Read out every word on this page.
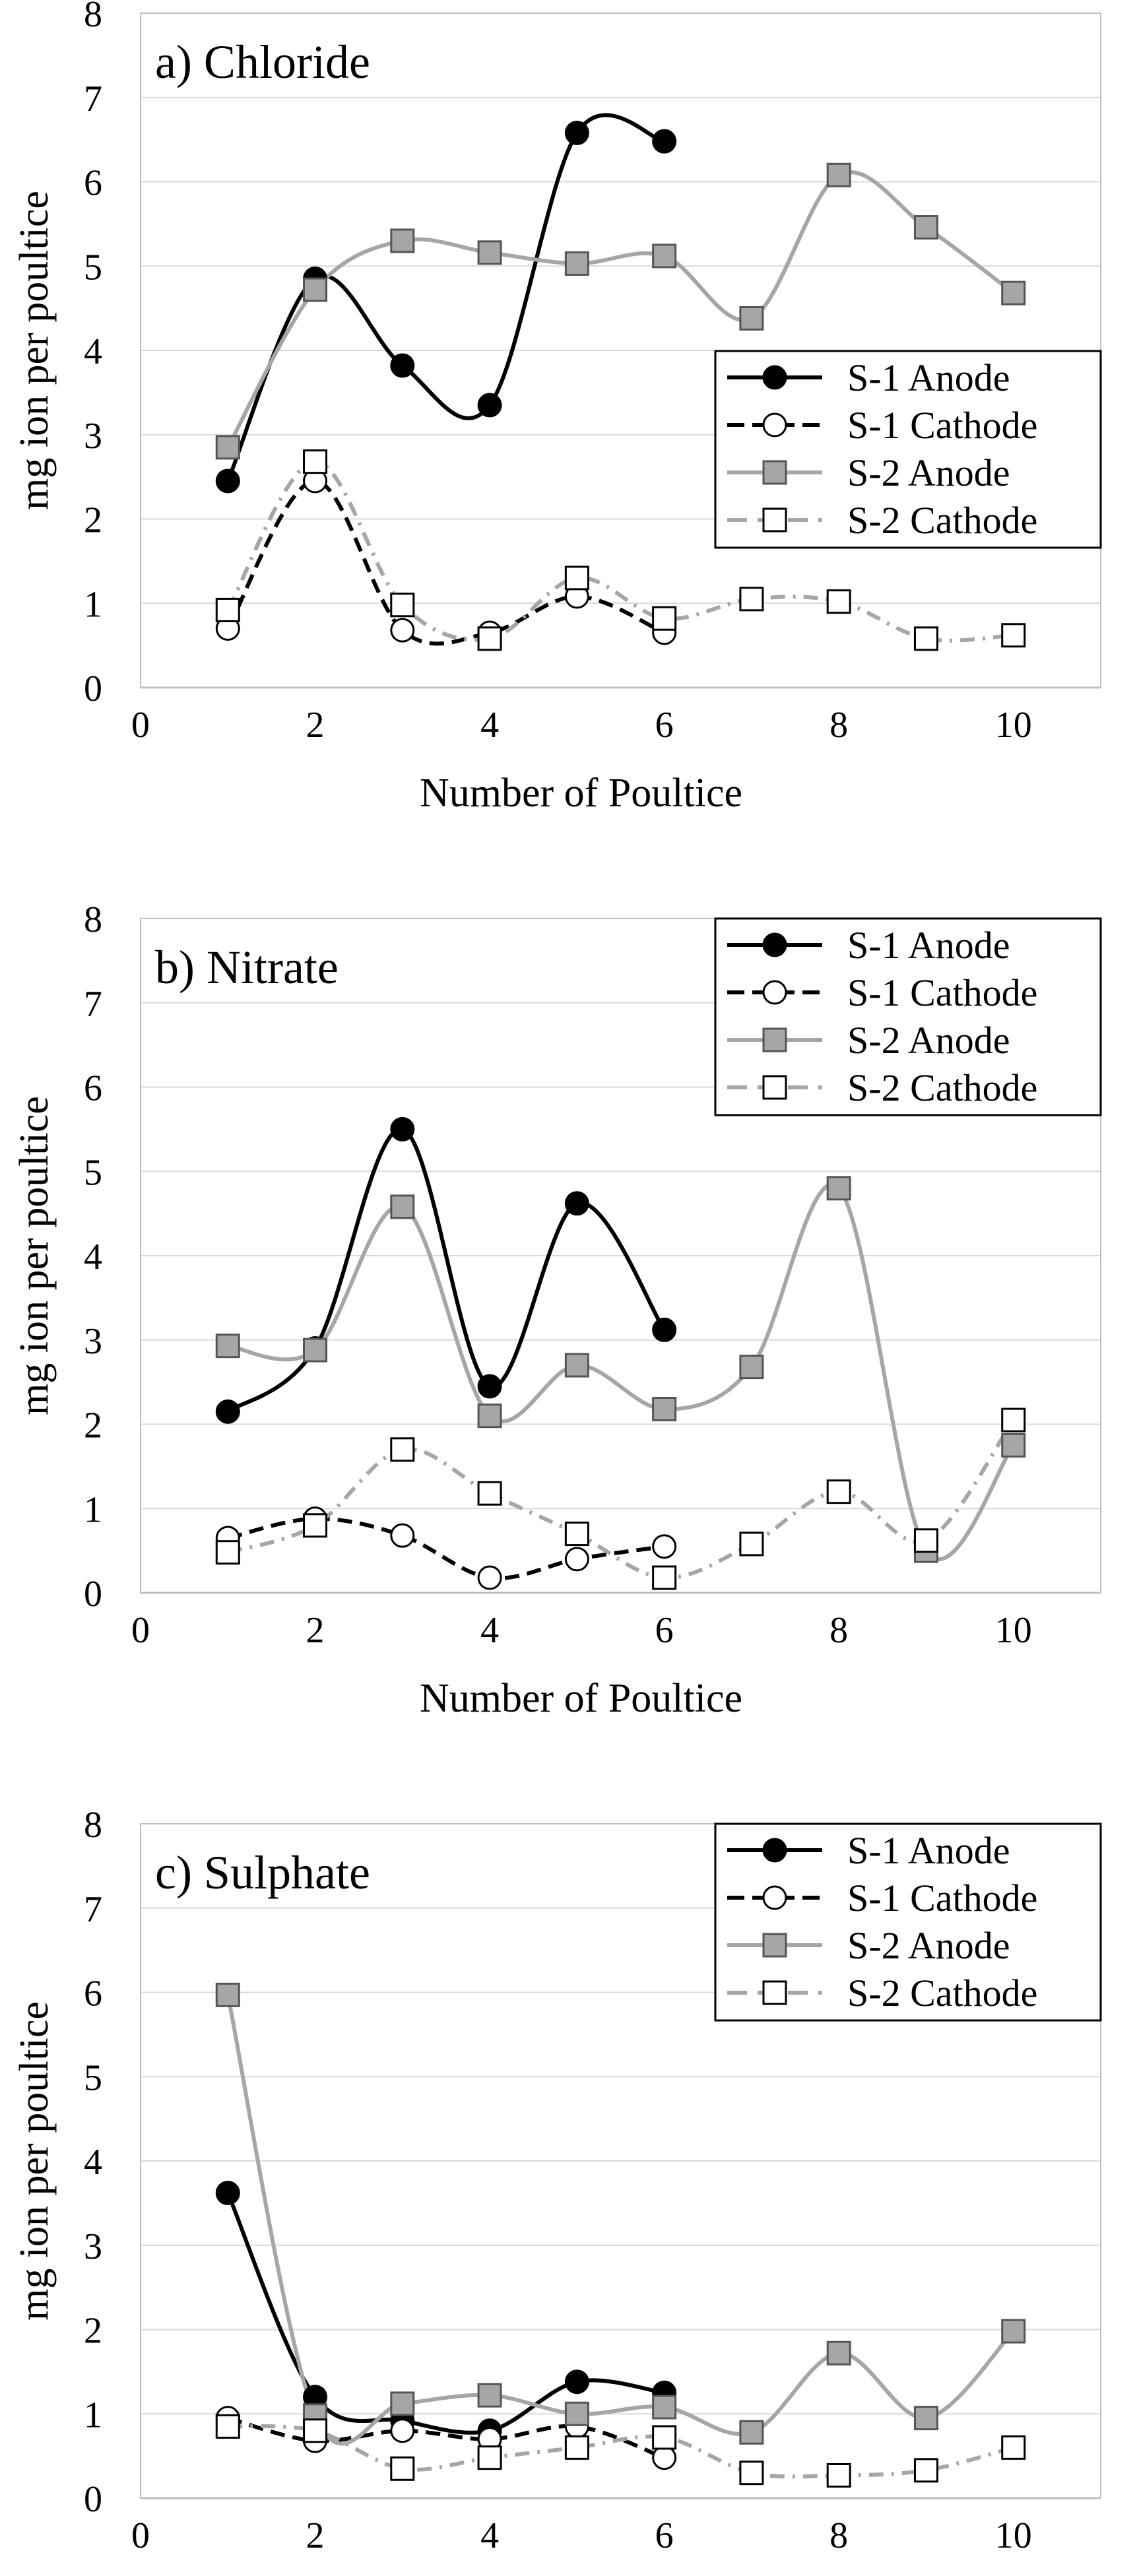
0
1
2
3
4
5
6
7
8
0	2	4	6	8	10
Number of Poultice
mg ion per poultice
a) Chloride
S-1 Anode
S-1 Cathode
S-2 Anode
S-2 Cathode
0
1
2
3
4
5
6
7
8
0	2	4	6	8	10
Number of Poultice
mg ion per poultice
b) Nitrate	S-1 Anode
S-1 Cathode
S-2 Anode
S-2 Cathode
0
1
2
3
4
5
6
7
8
0	2	4	6	8	10
mg ion per poultice
c) Sulphate	S-1 Anode
S-1 Cathode
S-2 Anode
S-2 Cathode
